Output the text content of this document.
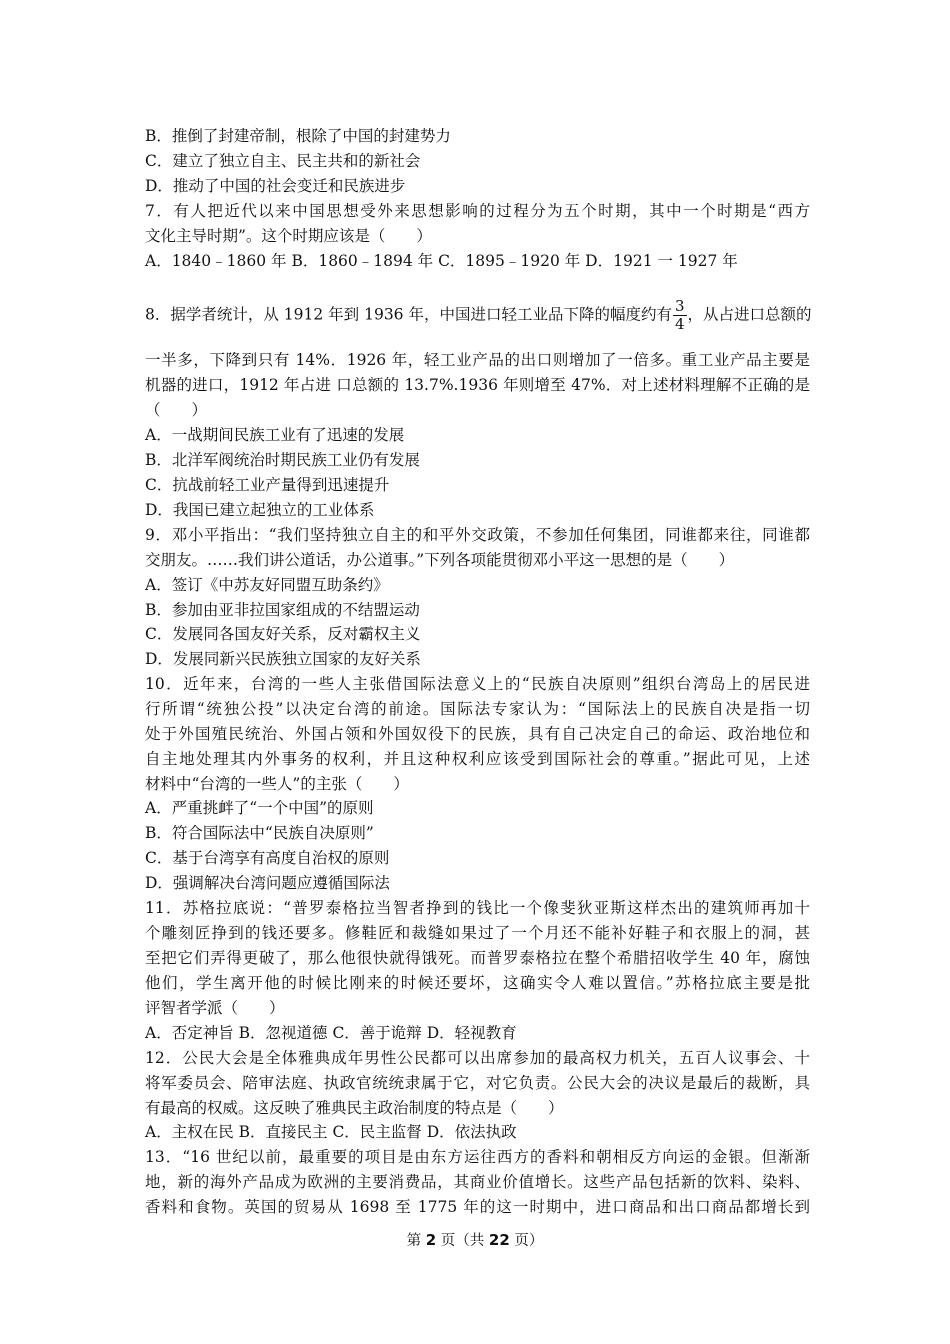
B．推倒了封建帝制，根除了中国的封建势力
C．建立了独立自主、民主共和的新社会
D．推动了中国的社会变迁和民族进步
7．有人把近代以来中国思想受外来思想影响的过程分为五个时期，其中一个时期是“西方
文化主导时期”。这个时期应该是（　　）
A．1840﹣1860 年 B．1860﹣1894 年 C．1895﹣1920 年 D．1921 一 1927 年
8．据学者统计，从 1912 年到 1936 年，中国进口轻工业品下降的幅度约有 $\frac{3}{4}$ ，从占进口总额的
一半多，下降到只有 14%．1926 年，轻工业产品的出口则增加了一倍多。重工业产品主要是
机器的进口，1912 年占进 口总额的 13.7%.1936 年则增至 47%．对上述材料理解不正确的是
（　　）
A．一战期间民族工业有了迅速的发展
B．北洋军阀统治时期民族工业仍有发展
C．抗战前轻工业产量得到迅速提升
D．我国已建立起独立的工业体系
9．邓小平指出：“我们坚持独立自主的和平外交政策，不参加任何集团，同谁都来往，同谁都
交朋友。……我们讲公道话，办公道事。”下列各项能贯彻邓小平这一思想的是（　　）
A．签订《中苏友好同盟互助条约》
B．参加由亚非拉国家组成的不结盟运动
C．发展同各国友好关系，反对霸权主义
D．发展同新兴民族独立国家的友好关系
10．近年来，台湾的一些人主张借国际法意义上的“民族自决原则”组织台湾岛上的居民进
行所谓“统独公投”以决定台湾的前途。国际法专家认为：“国际法上的民族自决是指一切
处于外国殖民统治、外国占领和外国奴役下的民族，具有自己决定自己的命运、政治地位和
自主地处理其内外事务的权利，并且这种权利应该受到国际社会的尊重。”据此可见，上述
材料中“台湾的一些人”的主张（　　）
A．严重挑衅了“一个中国”的原则
B．符合国际法中“民族自决原则”
C．基于台湾享有高度自治权的原则
D．强调解决台湾问题应遵循国际法
11．苏格拉底说：“普罗泰格拉当智者挣到的钱比一个像斐狄亚斯这样杰出的建筑师再加十
个雕刻匠挣到的钱还要多。修鞋匠和裁缝如果过了一个月还不能补好鞋子和衣服上的洞，甚
至把它们弄得更破了，那么他很快就得饿死。而普罗泰格拉在整个希腊招收学生 40 年，腐蚀
他们，学生离开他的时候比刚来的时候还要坏，这确实令人难以置信。”苏格拉底主要是批
评智者学派（　　）
A．否定神旨 B．忽视道德 C．善于诡辩 D．轻视教育
12．公民大会是全体雅典成年男性公民都可以出席参加的最高权力机关，五百人议事会、十
将军委员会、陪审法庭、执政官统统隶属于它，对它负责。公民大会的决议是最后的裁断，具
有最高的权威。这反映了雅典民主政治制度的特点是（　　）
A．主权在民 B．直接民主 C．民主监督 D．依法执政
13．“16 世纪以前，最重要的项目是由东方运往西方的香料和朝相反方向运的金银。但渐渐
地，新的海外产品成为欧洲的主要消费品，其商业价值增长。这些产品包括新的饮料、染料、
香料和食物。英国的贸易从 1698 至 1775 年的这一时期中，进口商品和出口商品都增长到
第 2 页（共 22 页）
